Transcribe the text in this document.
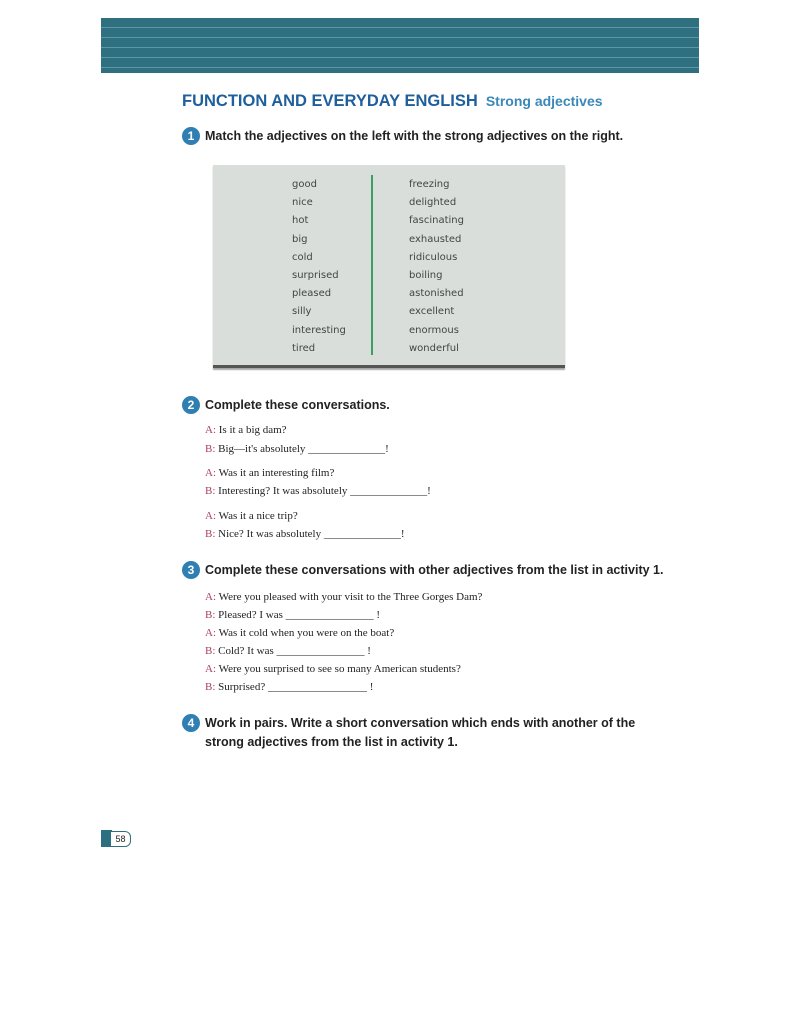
FUNCTION AND EVERYDAY ENGLISH Strong adjectives
1 Match the adjectives on the left with the strong adjectives on the right.
good
nice
hot
big
cold
surprised
pleased
silly
interesting
tired
freezing
delighted
fascinating
exhausted
ridiculous
boiling
astonished
excellent
enormous
wonderful
2 Complete these conversations.
A: Is it a big dam?
B: Big—it's absolutely ______________!
A: Was it an interesting film?
B: Interesting? It was absolutely ______________!
A: Was it a nice trip?
B: Nice? It was absolutely ______________!
3 Complete these conversations with other adjectives from the list in activity 1.
A: Were you pleased with your visit to the Three Gorges Dam?
B: Pleased? I was ________________ !
A: Was it cold when you were on the boat?
B: Cold? It was ________________ !
A: Were you surprised to see so many American students?
B: Surprised? __________________ !
4 Work in pairs. Write a short conversation which ends with another of the
strong adjectives from the list in activity 1.
58
